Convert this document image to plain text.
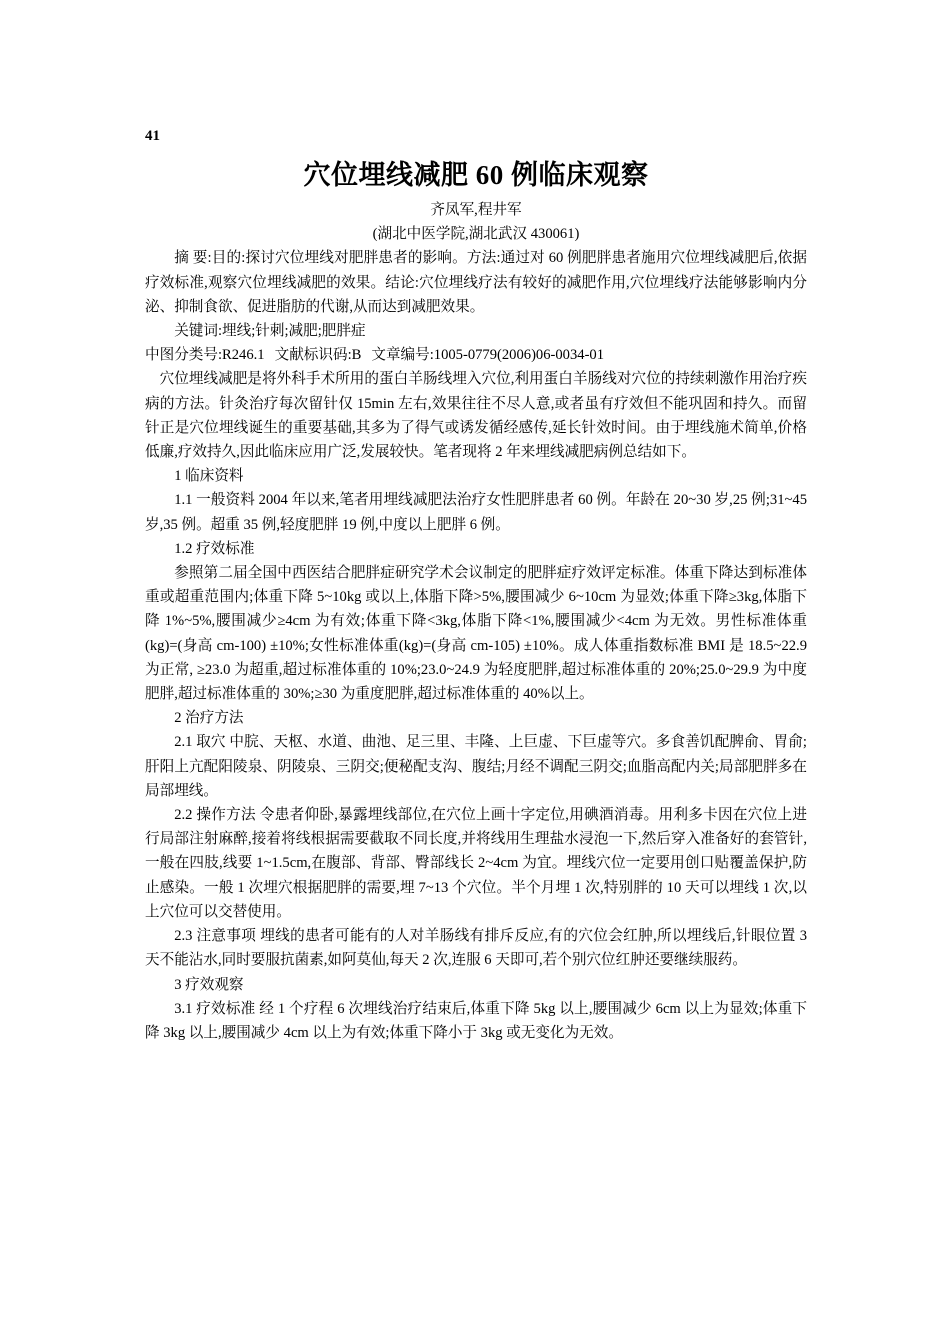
41
穴位埋线减肥 60 例临床观察

齐凤军,程井军

(湖北中医学院,湖北武汉 430061)

摘 要:目的:探讨穴位埋线对肥胖患者的影响。方法:通过对 60 例肥胖患者施用穴位埋线减肥后,依据疗效标准,观察穴位埋线减肥的效果。结论:穴位埋线疗法有较好的减肥作用,穴位埋线疗法能够影响内分泌、抑制食欲、促进脂肪的代谢,从而达到减肥效果。

关键词:埋线;针刺;减肥;肥胖症

中图分类号:R246.1 文献标识码:B 文章编号:1005-0779(2006)06-0034-01

穴位埋线减肥是将外科手术所用的蛋白羊肠线埋入穴位,利用蛋白羊肠线对穴位的持续刺激作用治疗疾病的方法。针灸治疗每次留针仅 15min 左右,效果往往不尽人意,或者虽有疗效但不能巩固和持久。而留针正是穴位埋线诞生的重要基础,其多为了得气或诱发循经感传,延长针效时间。由于埋线施术简单,价格低廉,疗效持久,因此临床应用广泛,发展较快。笔者现将 2 年来埋线减肥病例总结如下。

1 临床资料

1.1 一般资料 2004 年以来,笔者用埋线减肥法治疗女性肥胖患者 60 例。年龄在 20~30 岁,25 例;31~45 岁,35 例。超重 35 例,轻度肥胖 19 例,中度以上肥胖 6 例。

1.2 疗效标准

参照第二届全国中西医结合肥胖症研究学术会议制定的肥胖症疗效评定标准。体重下降达到标准体重或超重范围内;体重下降 5~10kg 或以上,体脂下降>5%,腰围减少 6~10cm 为显效;体重下降≥3kg,体脂下降 1%~5%,腰围减少≥4cm 为有效;体重下降<3kg,体脂下降<1%,腰围减少<4cm 为无效。男性标准体重(kg)=(身高 cm-100) ±10%;女性标准体重(kg)=(身高 cm-105) ±10%。成人体重指数标准 BMI 是 18.5~22.9 为正常, ≥23.0 为超重,超过标准体重的 10%;23.0~24.9 为轻度肥胖,超过标准体重的 20%;25.0~29.9 为中度肥胖,超过标准体重的 30%;≥30 为重度肥胖,超过标准体重的 40%以上。

2 治疗方法

2.1 取穴 中脘、天枢、水道、曲池、足三里、丰隆、上巨虚、下巨虚等穴。多食善饥配脾俞、胃俞;肝阳上亢配阳陵泉、阴陵泉、三阴交;便秘配支沟、腹结;月经不调配三阴交;血脂高配内关;局部肥胖多在局部埋线。

2.2 操作方法 令患者仰卧,暴露埋线部位,在穴位上画十字定位,用碘酒消毒。用利多卡因在穴位上进行局部注射麻醉,接着将线根据需要截取不同长度,并将线用生理盐水浸泡一下,然后穿入准备好的套管针,一般在四肢,线要 1~1.5cm,在腹部、背部、臀部线长 2~4cm 为宜。埋线穴位一定要用创口贴覆盖保护,防止感染。一般 1 次埋穴根据肥胖的需要,埋 7~13 个穴位。半个月埋 1 次,特别胖的 10 天可以埋线 1 次,以上穴位可以交替使用。

2.3 注意事项 埋线的患者可能有的人对羊肠线有排斥反应,有的穴位会红肿,所以埋线后,针眼位置 3 天不能沾水,同时要服抗菌素,如阿莫仙,每天 2 次,连服 6 天即可,若个别穴位红肿还要继续服药。

3 疗效观察

3.1 疗效标准 经 1 个疗程 6 次埋线治疗结束后,体重下降 5kg 以上,腰围减少 6cm 以上为显效;体重下降 3kg 以上,腰围减少 4cm 以上为有效;体重下降小于 3kg 或无变化为无效。
